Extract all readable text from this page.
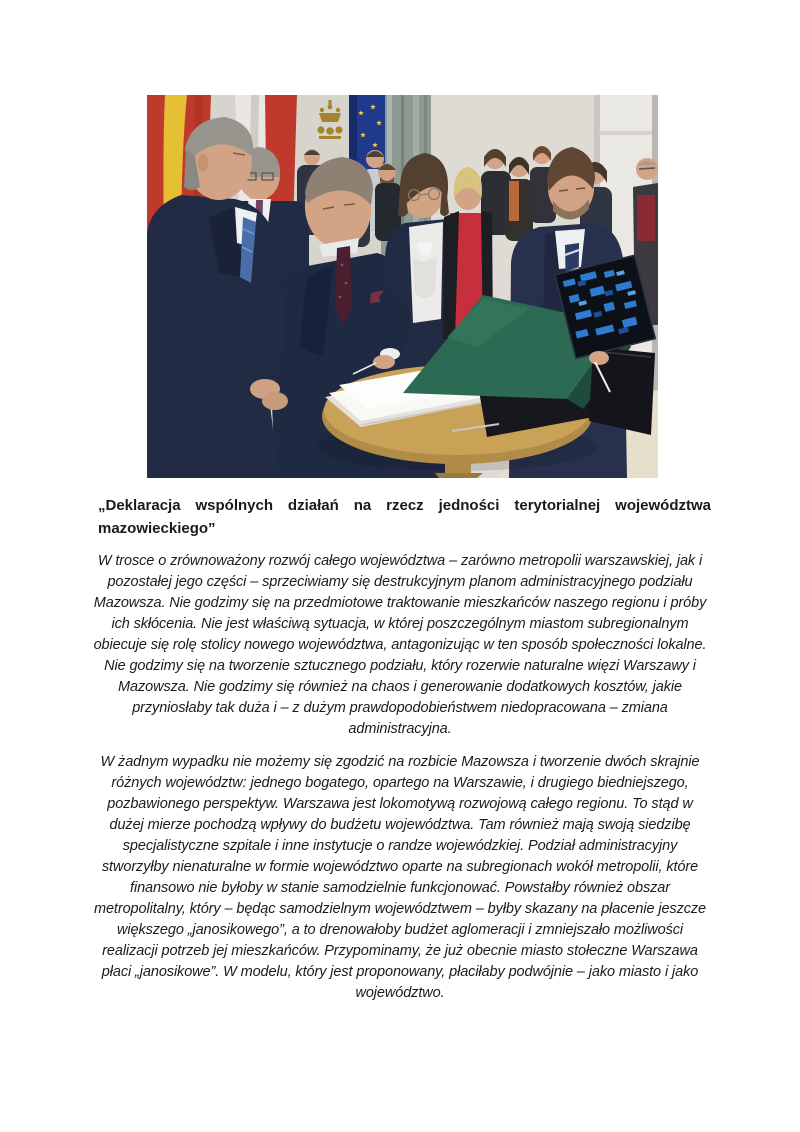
„Deklaracja wspólnych działań na rzecz jedności terytorialnej województwa mazowieckiego”

W trosce o zrównoważony rozwój całego województwa – zarówno metropolii warszawskiej, jak i pozostałej jego części – sprzeciwiamy się destrukcyjnym planom administracyjnego podziału Mazowsza. Nie godzimy się na przedmiotowe traktowanie mieszkańców naszego regionu i próby ich skłócenia. Nie jest właściwą sytuacja, w której poszczególnym miastom subregionalnym obiecuje się rolę stolicy nowego województwa, antagonizując w ten sposób społeczności lokalne. Nie godzimy się na tworzenie sztucznego podziału, który rozerwie naturalne więzi Warszawy i Mazowsza. Nie godzimy się również na chaos i generowanie dodatkowych kosztów, jakie przyniosłaby tak duża i – z dużym prawdopodobieństwem niedopracowana – zmiana administracyjna.

W żadnym wypadku nie możemy się zgodzić na rozbicie Mazowsza i tworzenie dwóch skrajnie różnych województw: jednego bogatego, opartego na Warszawie, i drugiego biedniejszego, pozbawionego perspektyw. Warszawa jest lokomotywą rozwojową całego regionu. To stąd w dużej mierze pochodzą wpływy do budżetu województwa. Tam również mają swoją siedzibę specjalistyczne szpitale i inne instytucje o randze wojewódzkiej. Podział administracyjny stworzyłby nienaturalne w formie województwo oparte na subregionach wokół metropolii, które finansowo nie byłoby w stanie samodzielnie funkcjonować. Powstałby również obszar metropolitalny, który – będąc samodzielnym województwem – byłby skazany na płacenie jeszcze większego „janosikowego”, a to drenowałoby budżet aglomeracji i zmniejszało możliwości realizacji potrzeb jej mieszkańców. Przypominamy, że już obecnie miasto stołeczne Warszawa płaci „janosikowe”. W modelu, który jest proponowany, płaciłaby podwójnie – jako miasto i jako województwo.
